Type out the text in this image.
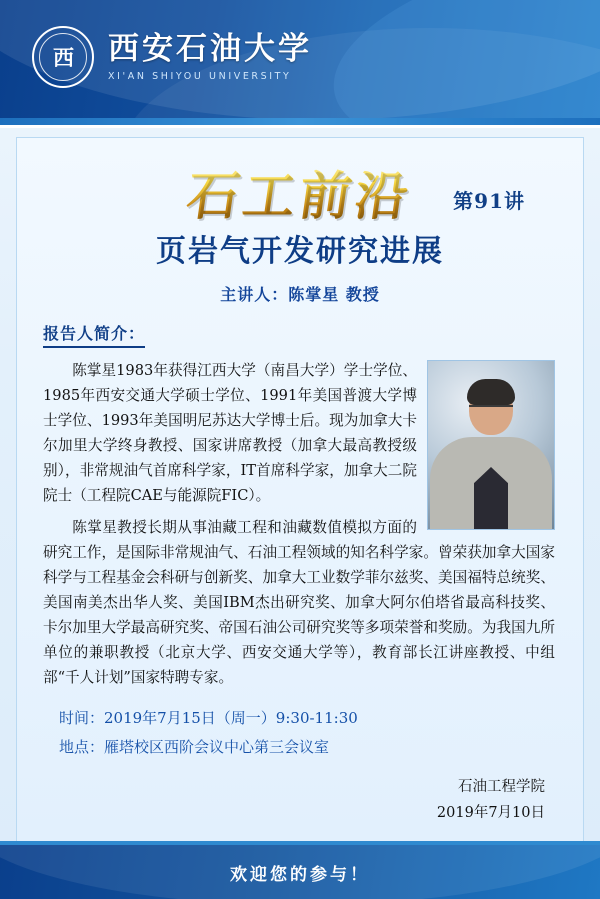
西 西安石油大学
XI'AN SHIYOU UNIVERSITY
石工前沿 第91讲
页岩气开发研究进展
主讲人：陈掌星 教授
报告人简介：

陈掌星1983年获得江西大学（南昌大学）学士学位、1985年西安交通大学硕士学位、1991年美国普渡大学博士学位、1993年美国明尼苏达大学博士后。现为加拿大卡尔加里大学终身教授、国家讲席教授（加拿大最高教授级别），非常规油气首席科学家，IT首席科学家，加拿大二院院士（工程院CAE与能源院FIC）。

陈掌星教授长期从事油藏工程和油藏数值模拟方面的研究工作，是国际非常规油气、石油工程领域的知名科学家。曾荣获加拿大国家科学与工程基金会科研与创新奖、加拿大工业数学菲尔兹奖、美国福特总统奖、美国南美杰出华人奖、美国IBM杰出研究奖、加拿大阿尔伯塔省最高科技奖、卡尔加里大学最高研究奖、帝国石油公司研究奖等多项荣誉和奖励。为我国九所单位的兼职教授（北京大学、西安交通大学等），教育部长江讲座教授、中组部“千人计划”国家特聘专家。

时间：2019年7月15日（周一）9:30-11:30
地点：雁塔校区西阶会议中心第三会议室
石油工程学院
2019年7月10日
欢迎您的参与！
